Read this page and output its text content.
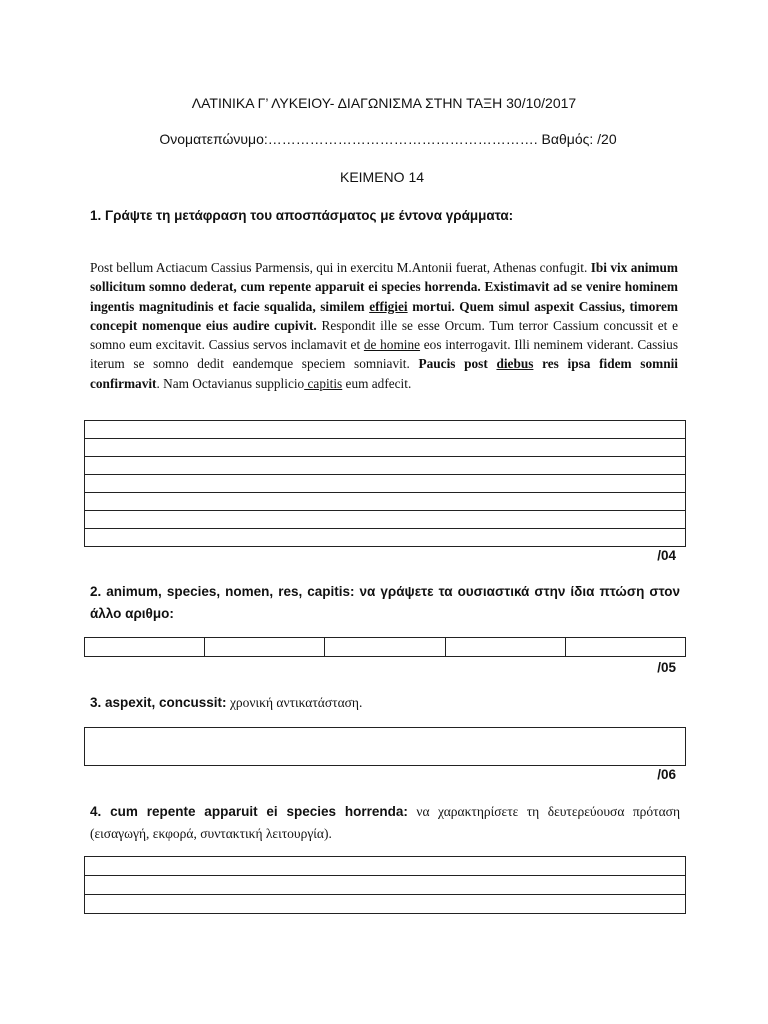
ΛΑΤΙΝΙΚΑ Γ’ ΛΥΚΕΙΟΥ- ΔΙΑΓΩΝΙΣΜΑ ΣΤΗΝ ΤΑΞΗ 30/10/2017
Ονοματεπώνυμο:…………………………………………………. Βαθμός: /20
ΚΕΙΜΕΝΟ 14
1. Γράψτε τη μετάφραση του αποσπάσματος με έντονα γράμματα:
Post bellum Actiacum Cassius Parmensis, qui in exercitu M.Antonii fuerat, Athenas confugit. Ibi vix animum sollicitum somno dederat, cum repente apparuit ei species horrenda. Existimavit ad se venire hominem ingentis magnitudinis et facie squalida, similem effigiei mortui. Quem simul aspexit Cassius, timorem concepit nomenque eius audire cupivit. Respondit ille se esse Orcum. Tum terror Cassium concussit et e somno eum excitavit. Cassius servos inclamavit et de homine eos interrogavit. Illi neminem viderant. Cassius iterum se somno dedit eandemque speciem somniavit. Paucis post diebus res ipsa fidem somnii confirmavit. Nam Octavianus supplicio capitis eum adfecit.

/04
2. animum, species, nomen, res, capitis: να γράψετε τα ουσιαστικά στην ίδια πτώση στον άλλο αριθμο:

/05
3. aspexit, concussit: χρονική αντικατάσταση.
/06
4. cum repente apparuit ei species horrenda: να χαρακτηρίσετε τη δευτερεύουσα πρόταση (εισαγωγή, εκφορά, συντακτική λειτουργία).
